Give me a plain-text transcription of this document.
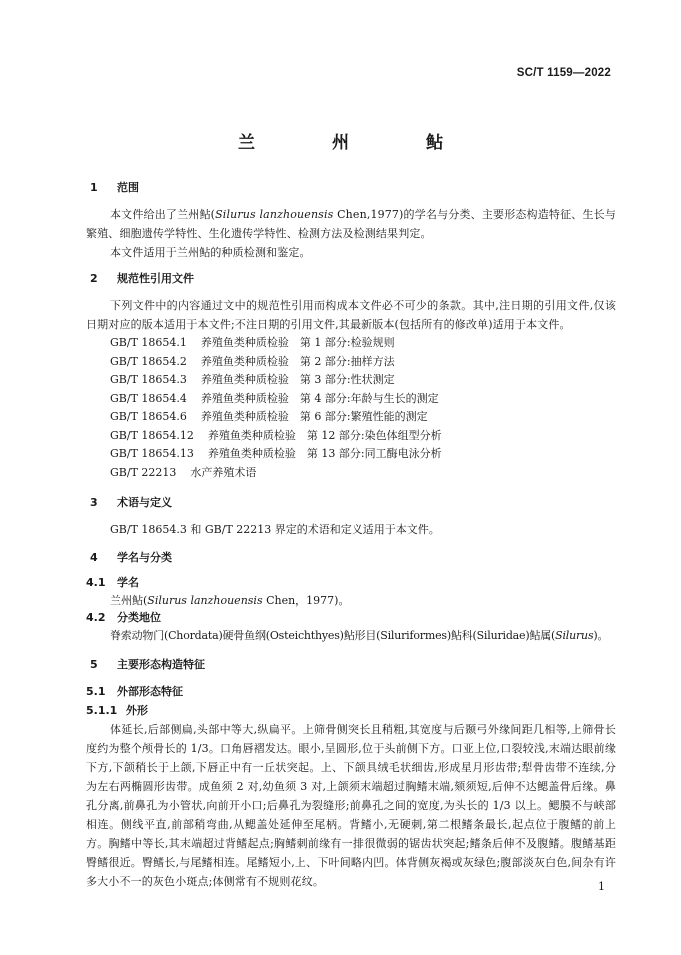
SC/T 1159—2022
兰　州　鲇
1 范围

本文件给出了兰州鲇(Silurus lanzhouensis Chen,1977)的学名与分类、主要形态构造特征、生长与繁殖、细胞遗传学特性、生化遗传学特性、检测方法及检测结果判定。

本文件适用于兰州鲇的种质检测和鉴定。

2 规范性引用文件

下列文件中的内容通过文中的规范性引用而构成本文件必不可少的条款。其中,注日期的引用文件,仅该日期对应的版本适用于本文件;不注日期的引用文件,其最新版本(包括所有的修改单)适用于本文件。

GB/T 18654.1 养殖鱼类种质检验　第 1 部分:检验规则
GB/T 18654.2 养殖鱼类种质检验　第 2 部分:抽样方法
GB/T 18654.3 养殖鱼类种质检验　第 3 部分:性状测定
GB/T 18654.4 养殖鱼类种质检验　第 4 部分:年龄与生长的测定
GB/T 18654.6 养殖鱼类种质检验　第 6 部分:繁殖性能的测定
GB/T 18654.12 养殖鱼类种质检验　第 12 部分:染色体组型分析
GB/T 18654.13 养殖鱼类种质检验　第 13 部分:同工酶电泳分析
GB/T 22213 水产养殖术语
3 术语与定义

GB/T 18654.3 和 GB/T 22213 界定的术语和定义适用于本文件。

4 学名与分类
4.1 学名

兰州鲇(Silurus lanzhouensis Chen，1977)。

4.2 分类地位

脊索动物门(Chordata)硬骨鱼纲(Osteichthyes)鲇形目(Siluriformes)鲇科(Siluridae)鲇属(Silurus)。

5 主要形态构造特征
5.1 外部形态特征
5.1.1 外形

体延长,后部侧扁,头部中等大,纵扁平。上筛骨侧突长且稍粗,其宽度与后颞弓外缘间距几相等,上筛骨长度约为整个颅骨长的 1/3。口角唇褶发达。眼小,呈圆形,位于头前侧下方。口亚上位,口裂较浅,末端达眼前缘下方,下颌稍长于上颌,下唇正中有一丘状突起。上、下颌具绒毛状细齿,形成星月形齿带;犁骨齿带不连续,分为左右两椭圆形齿带。成鱼须 2 对,幼鱼须 3 对,上颌须末端超过胸鳍末端,颏须短,后伸不达鳃盖骨后缘。鼻孔分离,前鼻孔为小管状,向前开小口;后鼻孔为裂缝形;前鼻孔之间的宽度,为头长的 1/3 以上。鳃膜不与峡部相连。侧线平直,前部稍弯曲,从鳃盖处延伸至尾柄。背鳍小,无硬刺,第二根鳍条最长,起点位于腹鳍的前上方。胸鳍中等长,其末端超过背鳍起点;胸鳍刺前缘有一排很微弱的锯齿状突起;鳍条后伸不及腹鳍。腹鳍基距臀鳍很近。臀鳍长,与尾鳍相连。尾鳍短小,上、下叶间略内凹。体背侧灰褐或灰绿色;腹部淡灰白色,间杂有许多大小不一的灰色小斑点;体侧常有不规则花纹。	1
